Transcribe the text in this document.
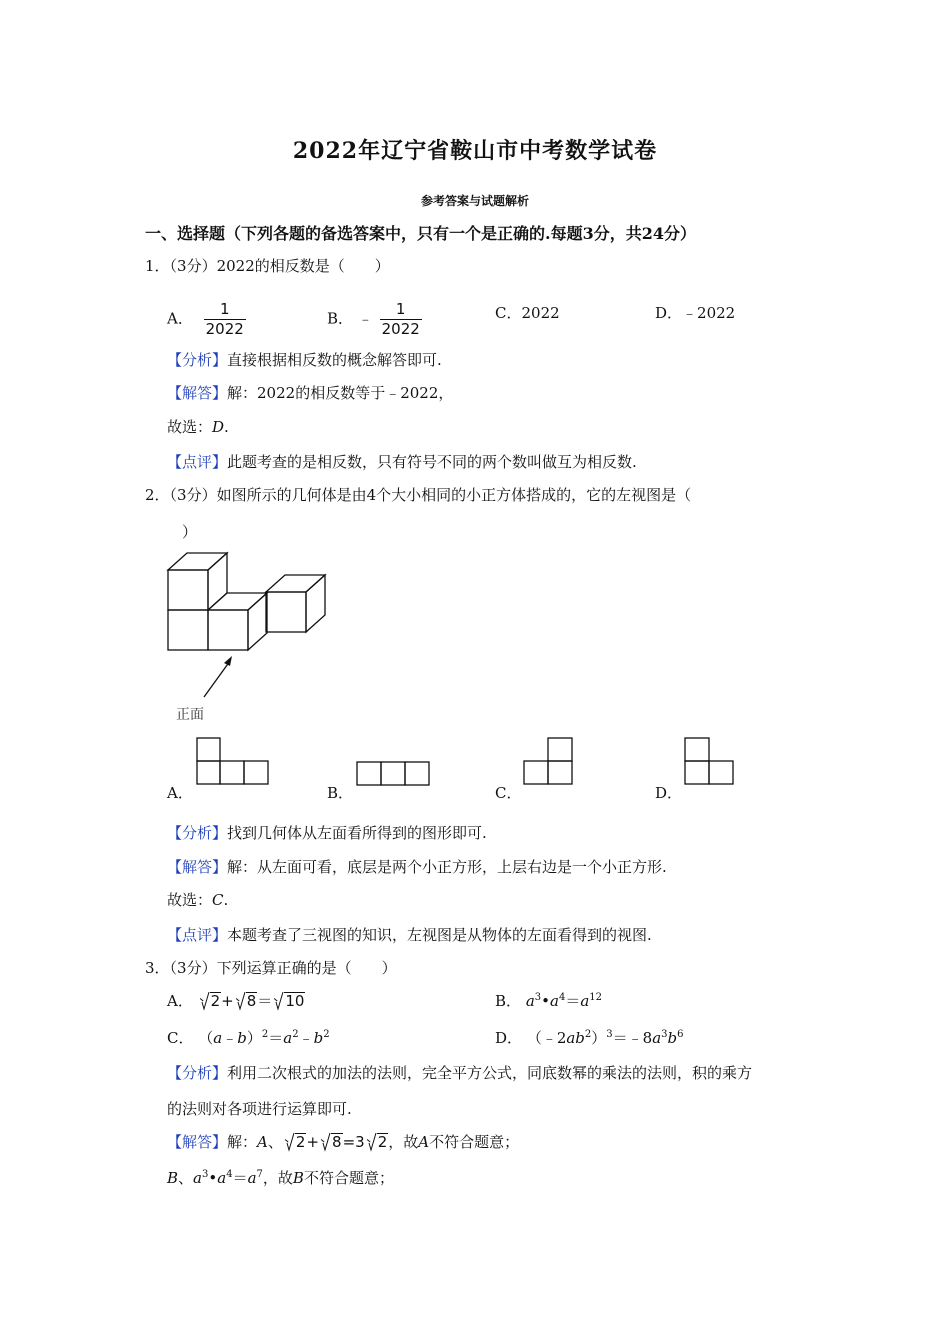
2022年辽宁省鞍山市中考数学试卷
参考答案与试题解析
一、选择题（下列各题的备选答案中，只有一个是正确的.每题3分，共24分）
1．（3分）2022的相反数是（　　）
A． $\frac{1}{2022}$	B． ﹣ $\frac{1}{2022}$	C．2022	D．﹣2022
【分析】直接根据相反数的概念解答即可.
【解答】解：2022的相反数等于﹣2022，
故选：D.
【点评】此题考查的是相反数，只有符号不同的两个数叫做互为相反数.
2．（3分）如图所示的几何体是由4个大小相同的小正方体搭成的，它的左视图是（
）
正面
A．	B．	C．	D．
【分析】找到几何体从左面看所得到的图形即可.
【解答】解：从左面可看，底层是两个小正方形，上层右边是一个小正方形.
故选：C.
【点评】本题考查了三视图的知识，左视图是从物体的左面看得到的视图.
3．（3分）下列运算正确的是（　　）
A． 2+ 8＝ 10	B． $a^3•a^4=a^{12}$
C． $(a﹣b)^2=a^2﹣b^2$	D． $(﹣2ab^2)^3=﹣8a^3b^6$
【分析】利用二次根式的加法的法则，完全平方公式，同底数幂的乘法的法则，积的乘方
的法则对各项进行运算即可.
【解答】解：A、 2+ 8=3 2，故A不符合题意；
B、$a^3•a^4=a^7$，故B不符合题意；
